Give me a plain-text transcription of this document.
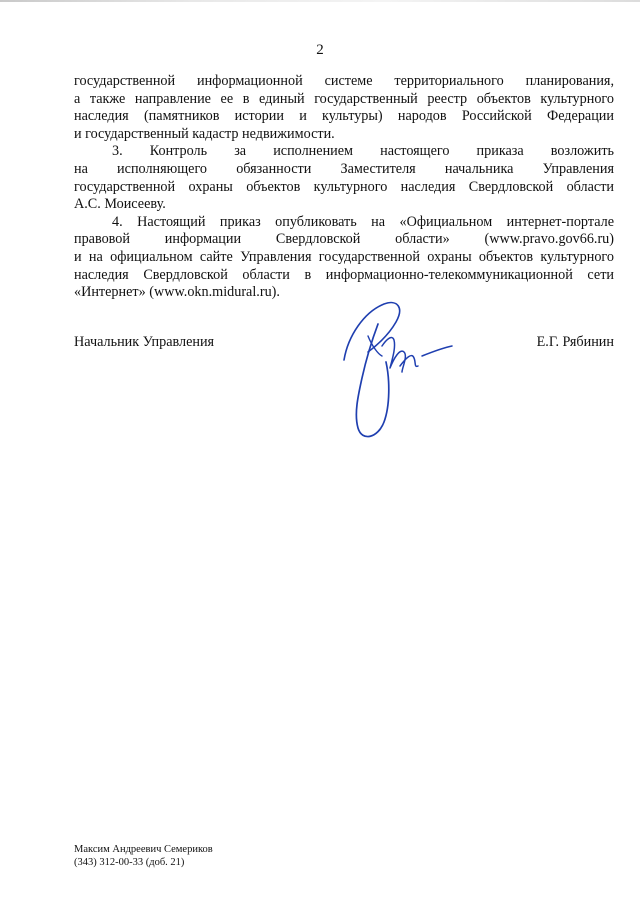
2

государственной информационной системе территориального планирования,
а также направление ее в единый государственный реестр объектов культурного
наследия (памятников истории и культуры) народов Российской Федерации
и государственный кадастр недвижимости.

3. Контроль за исполнением настоящего приказа возложить
на исполняющего обязанности Заместителя начальника Управления
государственной охраны объектов культурного наследия Свердловской области
А.С. Моисееву.

4. Настоящий приказ опубликовать на «Официальном интернет-портале
правовой информации Свердловской области» (www.pravo.gov66.ru)
и на официальном сайте Управления государственной охраны объектов культурного
наследия Свердловской области в информационно-телекоммуникационной сети
«Интернет» (www.okn.midural.ru).

Начальник Управления	Е.Г. Рябинин
Максим Андреевич Семериков
(343) 312-00-33 (доб. 21)
